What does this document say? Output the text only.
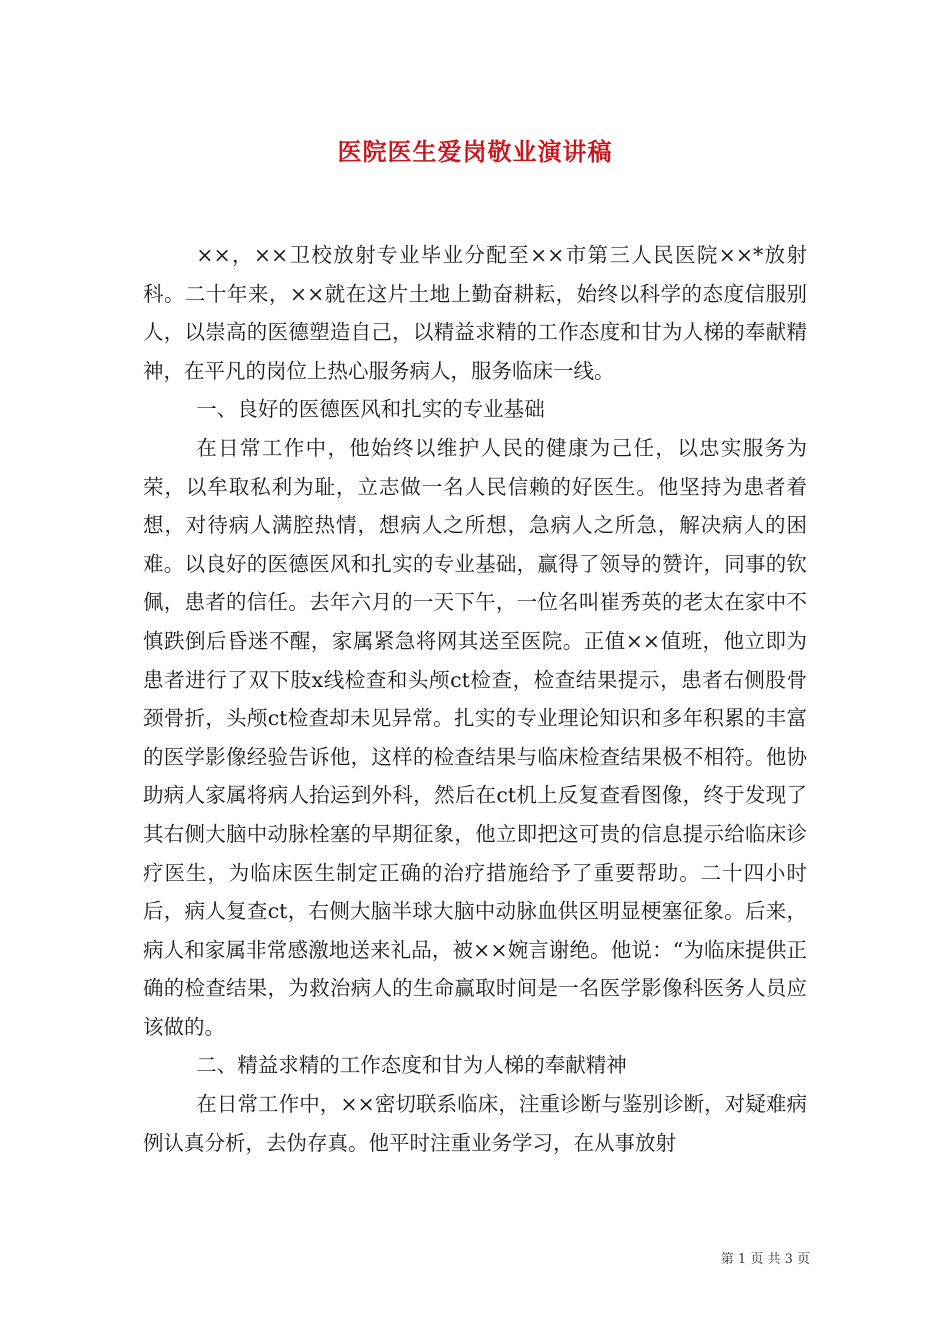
医院医生爱岗敬业演讲稿

××，××卫校放射专业毕业分配至××市第三人民医院××*放射科。二十年来，××就在这片土地上勤奋耕耘，始终以科学的态度信服别人，以崇高的医德塑造自己，以精益求精的工作态度和甘为人梯的奉献精神，在平凡的岗位上热心服务病人，服务临床一线。

一、良好的医德医风和扎实的专业基础

在日常工作中，他始终以维护人民的健康为己任，以忠实服务为荣，以牟取私利为耻，立志做一名人民信赖的好医生。他坚持为患者着想，对待病人满腔热情，想病人之所想，急病人之所急，解决病人的困难。以良好的医德医风和扎实的专业基础，赢得了领导的赞许，同事的钦佩，患者的信任。去年六月的一天下午，一位名叫崔秀英的老太在家中不慎跌倒后昏迷不醒，家属紧急将网其送至医院。正值××值班，他立即为患者进行了双下肢x线检查和头颅ct检查，检查结果提示，患者右侧股骨颈骨折，头颅ct检查却未见异常。扎实的专业理论知识和多年积累的丰富的医学影像经验告诉他，这样的检查结果与临床检查结果极不相符。他协助病人家属将病人抬运到外科，然后在ct机上反复查看图像，终于发现了其右侧大脑中动脉栓塞的早期征象，他立即把这可贵的信息提示给临床诊疗医生，为临床医生制定正确的治疗措施给予了重要帮助。二十四小时后，病人复查ct，右侧大脑半球大脑中动脉血供区明显梗塞征象。后来，病人和家属非常感激地送来礼品，被××婉言谢绝。他说：“为临床提供正确的检查结果，为救治病人的生命赢取时间是一名医学影像科医务人员应该做的。

二、精益求精的工作态度和甘为人梯的奉献精神

在日常工作中，××密切联系临床，注重诊断与鉴别诊断，对疑难病例认真分析，去伪存真。他平时注重业务学习，在从事放射

第 1 页 共 3 页
